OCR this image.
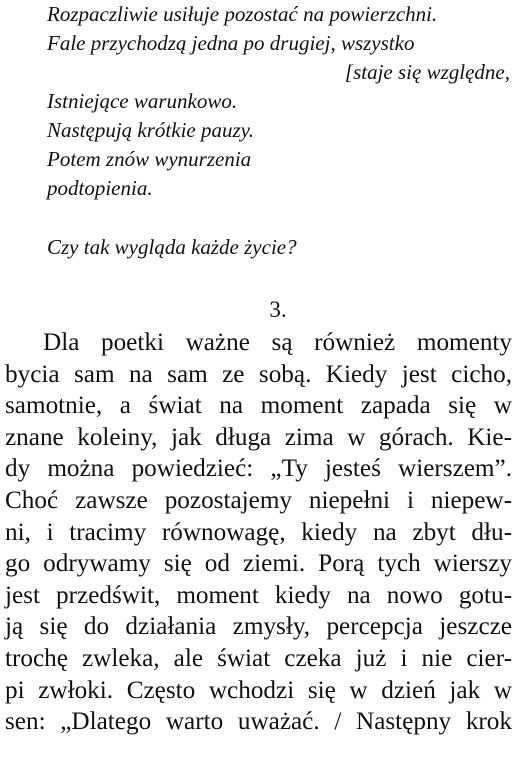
Rozpaczliwie usiłuje pozostać na powierzchni.
Fale przychodzą jedna po drugiej, wszystko
[staje się względne,
Istniejące warunkowo.
Następują krótkie pauzy.
Potem znów wynurzenia
podtopienia.
Czy tak wygląda każde życie?
3.
Dla poetki ważne są również momenty
bycia sam na sam ze sobą. Kiedy jest cicho,
samotnie, a świat na moment zapada się w
znane koleiny, jak długa zima w górach. Kie-
dy można powiedzieć: „Ty jesteś wierszem”.
Choć zawsze pozostajemy niepełni i niepew-
ni, i tracimy równowagę, kiedy na zbyt dłu-
go odrywamy się od ziemi. Porą tych wierszy
jest przedświt, moment kiedy na nowo gotu-
ją się do działania zmysły, percepcja jeszcze
trochę zwleka, ale świat czeka już i nie cier-
pi zwłoki. Często wchodzi się w dzień jak w
sen: „Dlatego warto uważać. / Następny krok
